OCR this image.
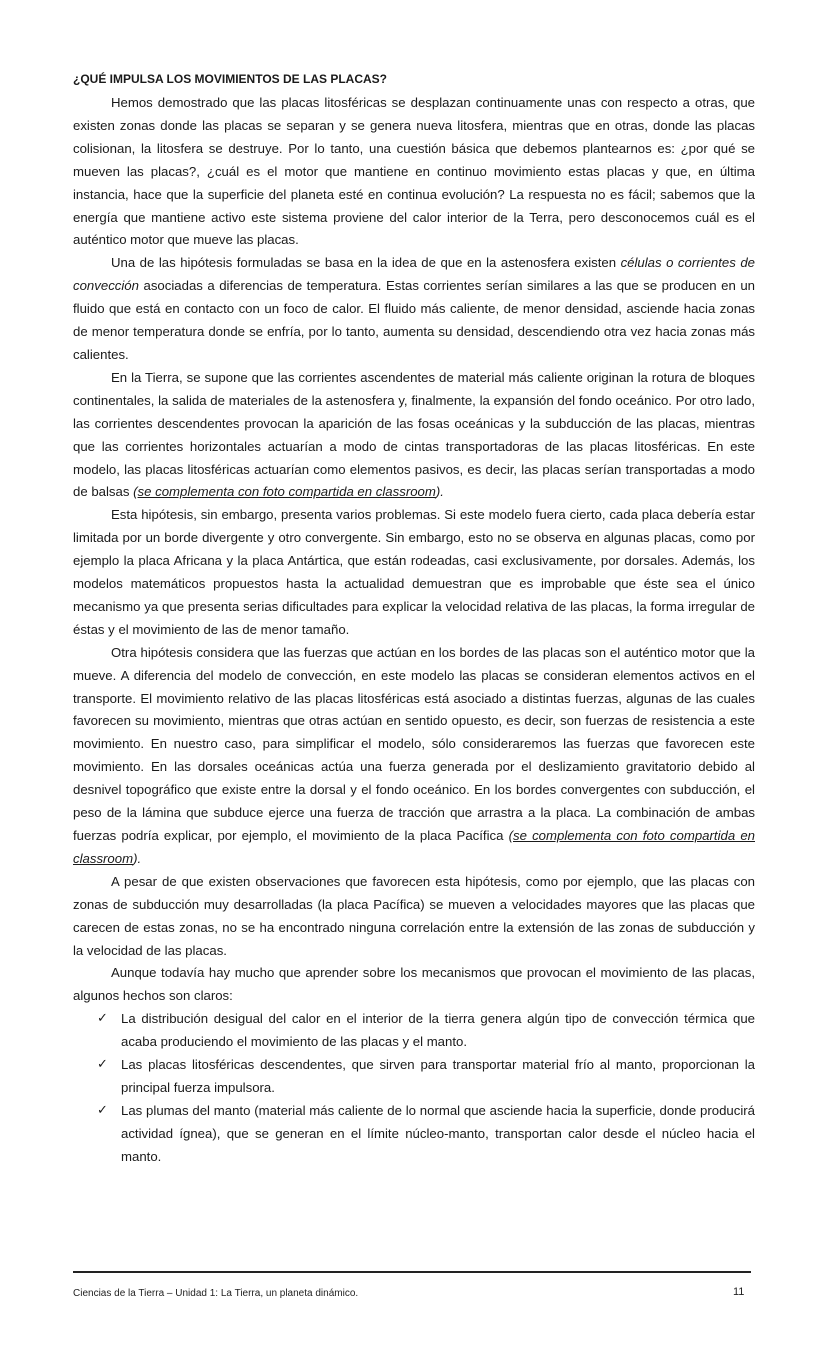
¿QUÉ IMPULSA LOS MOVIMIENTOS DE LAS PLACAS?

Hemos demostrado que las placas litosféricas se desplazan continuamente unas con respecto a otras, que existen zonas donde las placas se separan y se genera nueva litosfera, mientras que en otras, donde las placas colisionan, la litosfera se destruye. Por lo tanto, una cuestión básica que debemos plantearnos es: ¿por qué se mueven las placas?, ¿cuál es el motor que mantiene en continuo movimiento estas placas y que, en última instancia, hace que la superficie del planeta esté en continua evolución? La respuesta no es fácil; sabemos que la energía que mantiene activo este sistema proviene del calor interior de la Terra, pero desconocemos cuál es el auténtico motor que mueve las placas.

Una de las hipótesis formuladas se basa en la idea de que en la astenosfera existen células o corrientes de convección asociadas a diferencias de temperatura. Estas corrientes serían similares a las que se producen en un fluido que está en contacto con un foco de calor. El fluido más caliente, de menor densidad, asciende hacia zonas de menor temperatura donde se enfría, por lo tanto, aumenta su densidad, descendiendo otra vez hacia zonas más calientes.

En la Tierra, se supone que las corrientes ascendentes de material más caliente originan la rotura de bloques continentales, la salida de materiales de la astenosfera y, finalmente, la expansión del fondo oceánico. Por otro lado, las corrientes descendentes provocan la aparición de las fosas oceánicas y la subducción de las placas, mientras que las corrientes horizontales actuarían a modo de cintas transportadoras de las placas litosféricas. En este modelo, las placas litosféricas actuarían como elementos pasivos, es decir, las placas serían transportadas a modo de balsas (se complementa con foto compartida en classroom).

Esta hipótesis, sin embargo, presenta varios problemas. Si este modelo fuera cierto, cada placa debería estar limitada por un borde divergente y otro convergente. Sin embargo, esto no se observa en algunas placas, como por ejemplo la placa Africana y la placa Antártica, que están rodeadas, casi exclusivamente, por dorsales. Además, los modelos matemáticos propuestos hasta la actualidad demuestran que es improbable que éste sea el único mecanismo ya que presenta serias dificultades para explicar la velocidad relativa de las placas, la forma irregular de éstas y el movimiento de las de menor tamaño.

Otra hipótesis considera que las fuerzas que actúan en los bordes de las placas son el auténtico motor que la mueve. A diferencia del modelo de convección, en este modelo las placas se consideran elementos activos en el transporte. El movimiento relativo de las placas litosféricas está asociado a distintas fuerzas, algunas de las cuales favorecen su movimiento, mientras que otras actúan en sentido opuesto, es decir, son fuerzas de resistencia a este movimiento. En nuestro caso, para simplificar el modelo, sólo consideraremos las fuerzas que favorecen este movimiento. En las dorsales oceánicas actúa una fuerza generada por el deslizamiento gravitatorio debido al desnivel topográfico que existe entre la dorsal y el fondo oceánico. En los bordes convergentes con subducción, el peso de la lámina que subduce ejerce una fuerza de tracción que arrastra a la placa. La combinación de ambas fuerzas podría explicar, por ejemplo, el movimiento de la placa Pacífica (se complementa con foto compartida en classroom).

A pesar de que existen observaciones que favorecen esta hipótesis, como por ejemplo, que las placas con zonas de subducción muy desarrolladas (la placa Pacífica) se mueven a velocidades mayores que las placas que carecen de estas zonas, no se ha encontrado ninguna correlación entre la extensión de las zonas de subducción y la velocidad de las placas.

Aunque todavía hay mucho que aprender sobre los mecanismos que provocan el movimiento de las placas, algunos hechos son claros:

✓ La distribución desigual del calor en el interior de la tierra genera algún tipo de convección térmica que acaba produciendo el movimiento de las placas y el manto.
✓ Las placas litosféricas descendentes, que sirven para transportar material frío al manto, proporcionan la principal fuerza impulsora.
✓ Las plumas del manto (material más caliente de lo normal que asciende hacia la superficie, donde producirá actividad ígnea), que se generan en el límite núcleo-manto, transportan calor desde el núcleo hacia el manto.
Ciencias de la Tierra – Unidad 1: La Tierra, un planeta dinámico.	11
